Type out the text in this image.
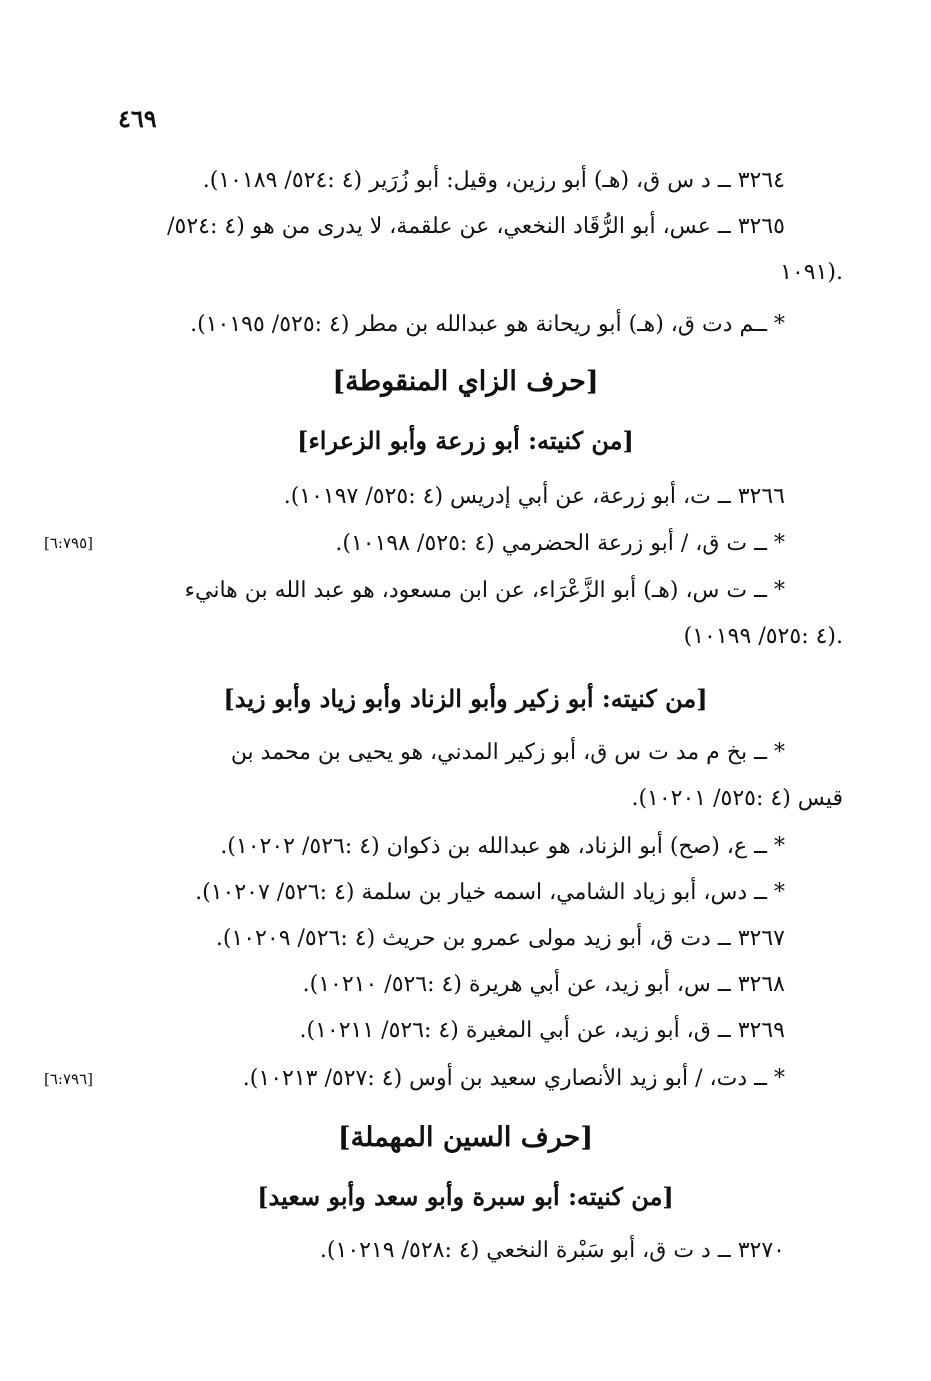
٤٦٩
٣٢٦٤ ــ د س ق، (هـ) أبو رزين، وقيل: أبو زُرَير (٤ :٥٢٤/ ١٠١٨٩).
٣٢٦٥ ــ عس، أبو الرُّقَاد النخعي، عن علقمة، لا يدرى من هو (٤ :٥٢٤/
١٠٩١).
* ــم دت ق، (هـ) أبو ريحانة هو عبدالله بن مطر (٤ :٥٢٥/ ١٠١٩٥).
[حرف الزاي المنقوطة]
[من كنيته: أبو زرعة وأبو الزعراء]
٣٢٦٦ ــ ت، أبو زرعة، عن أبي إدريس (٤ :٥٢٥/ ١٠١٩٧).
* ــ ت ق، / أبو زرعة الحضرمي (٤ :٥٢٥/ ١٠١٩٨).
[٦:٧٩٥]
* ــ ت س، (هـ) أبو الزَّعْرَاء، عن ابن مسعود، هو عبد الله بن هانيء
(٤ :٥٢٥/ ١٠١٩٩).
[من كنيته: أبو زكير وأبو الزناد وأبو زياد وأبو زيد]
* ــ بخ م مد ت س ق، أبو زكير المدني، هو يحيى بن محمد بن
قيس (٤ :٥٢٥/ ١٠٢٠١).
* ــ ع، (صح) أبو الزناد، هو عبدالله بن ذكوان (٤ :٥٢٦/ ١٠٢٠٢).
* ــ دس، أبو زياد الشامي، اسمه خيار بن سلمة (٤ :٥٢٦/ ١٠٢٠٧).
٣٢٦٧ ــ دت ق، أبو زيد مولى عمرو بن حريث (٤ :٥٢٦/ ١٠٢٠٩).
٣٢٦٨ ــ س، أبو زيد، عن أبي هريرة (٤ :٥٢٦/ ١٠٢١٠).
٣٢٦٩ ــ ق، أبو زيد، عن أبي المغيرة (٤ :٥٢٦/ ١٠٢١١).
* ــ دت، / أبو زيد الأنصاري سعيد بن أوس (٤ :٥٢٧/ ١٠٢١٣).
[٦:٧٩٦]
[حرف السين المهملة]
[من كنيته: أبو سبرة وأبو سعد وأبو سعيد]
٣٢٧٠ ــ د ت ق، أبو سَبْرة النخعي (٤ :٥٢٨/ ١٠٢١٩).
